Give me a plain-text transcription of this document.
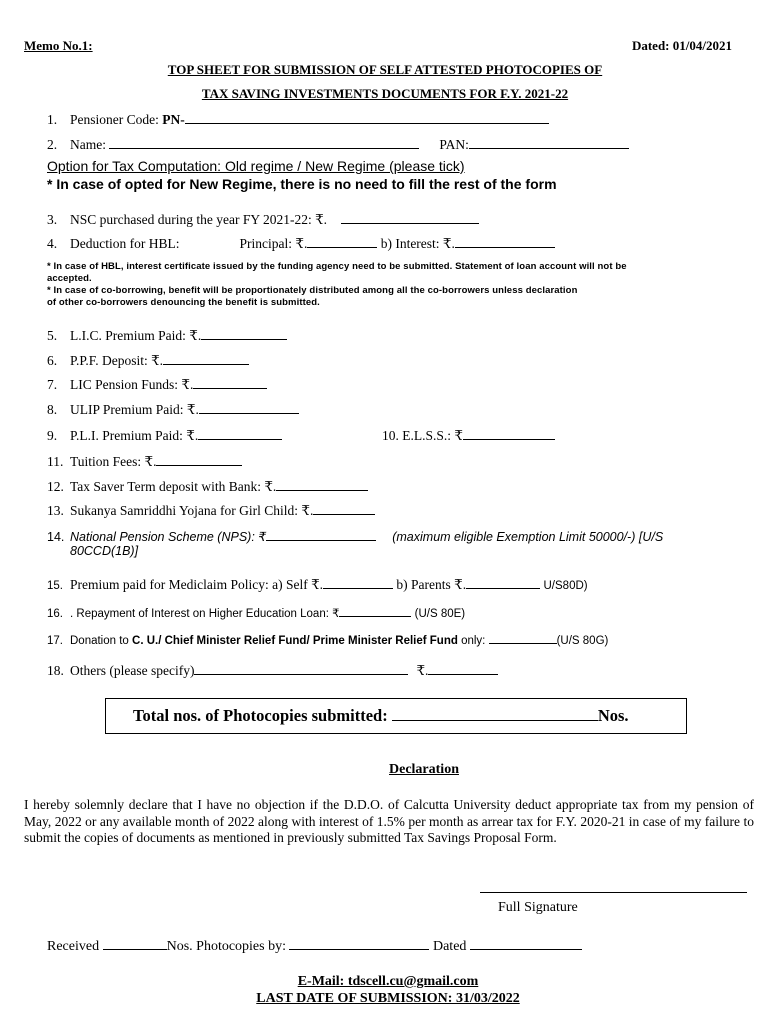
Memo No.1:	Dated: 01/04/2021
TOP SHEET FOR SUBMISSION OF SELF ATTESTED PHOTOCOPIES OF
TAX SAVING INVESTMENTS DOCUMENTS FOR F.Y. 2021-22
1. Pensioner Code: PN-
2. Name:	PAN:
Option for Tax Computation: Old regime / New Regime (please tick)
* In case of opted for New Regime, there is no need to fill the rest of the form
3. NSC purchased during the year FY 2021-22: ₹.
4. Deduction for HBL:	Principal: ₹.	b) Interest: ₹.
* In case of HBL, interest certificate issued by the funding agency need to be submitted. Statement of loan account will not be
accepted.
* In case of co-borrowing, benefit will be proportionately distributed among all the co-borrowers unless declaration
of other co-borrowers denouncing the benefit is submitted.
5. L.I.C. Premium Paid: ₹.
6. P.P.F. Deposit: ₹.
7. LIC Pension Funds: ₹.
8. ULIP Premium Paid: ₹.
9. P.L.I. Premium Paid: ₹.	10. E.L.S.S.: ₹
11. Tuition Fees: ₹.
12. Tax Saver Term deposit with Bank: ₹.
13. Sukanya Samriddhi Yojana for Girl Child: ₹.
14. National Pension Scheme (NPS): ₹	(maximum eligible Exemption Limit 50000/-) [U/S
80CCD(1B)]
15. Premium paid for Mediclaim Policy: a) Self ₹.	b) Parents ₹.	U/S80D)
16. . Repayment of Interest on Higher Education Loan: ₹	(U/S 80E)
17. Donation to C. U./ Chief Minister Relief Fund/ Prime Minister Relief Fund only:	(U/S 80G)
18. Others (please specify)	₹.
Total nos. of Photocopies submitted:	Nos.
Declaration
I hereby solemnly declare that I have no objection if the D.D.O. of Calcutta University deduct appropriate tax from my pension of May, 2022 or any available month of 2022 along with interest of 1.5% per month as arrear tax for F.Y. 2020-21 in case of my failure to submit the copies of documents as mentioned in previously submitted Tax Savings Proposal Form.
Full Signature
Received	Nos. Photocopies by:	Dated
E-Mail: tdscell.cu@gmail.com
LAST DATE OF SUBMISSION: 31/03/2022
